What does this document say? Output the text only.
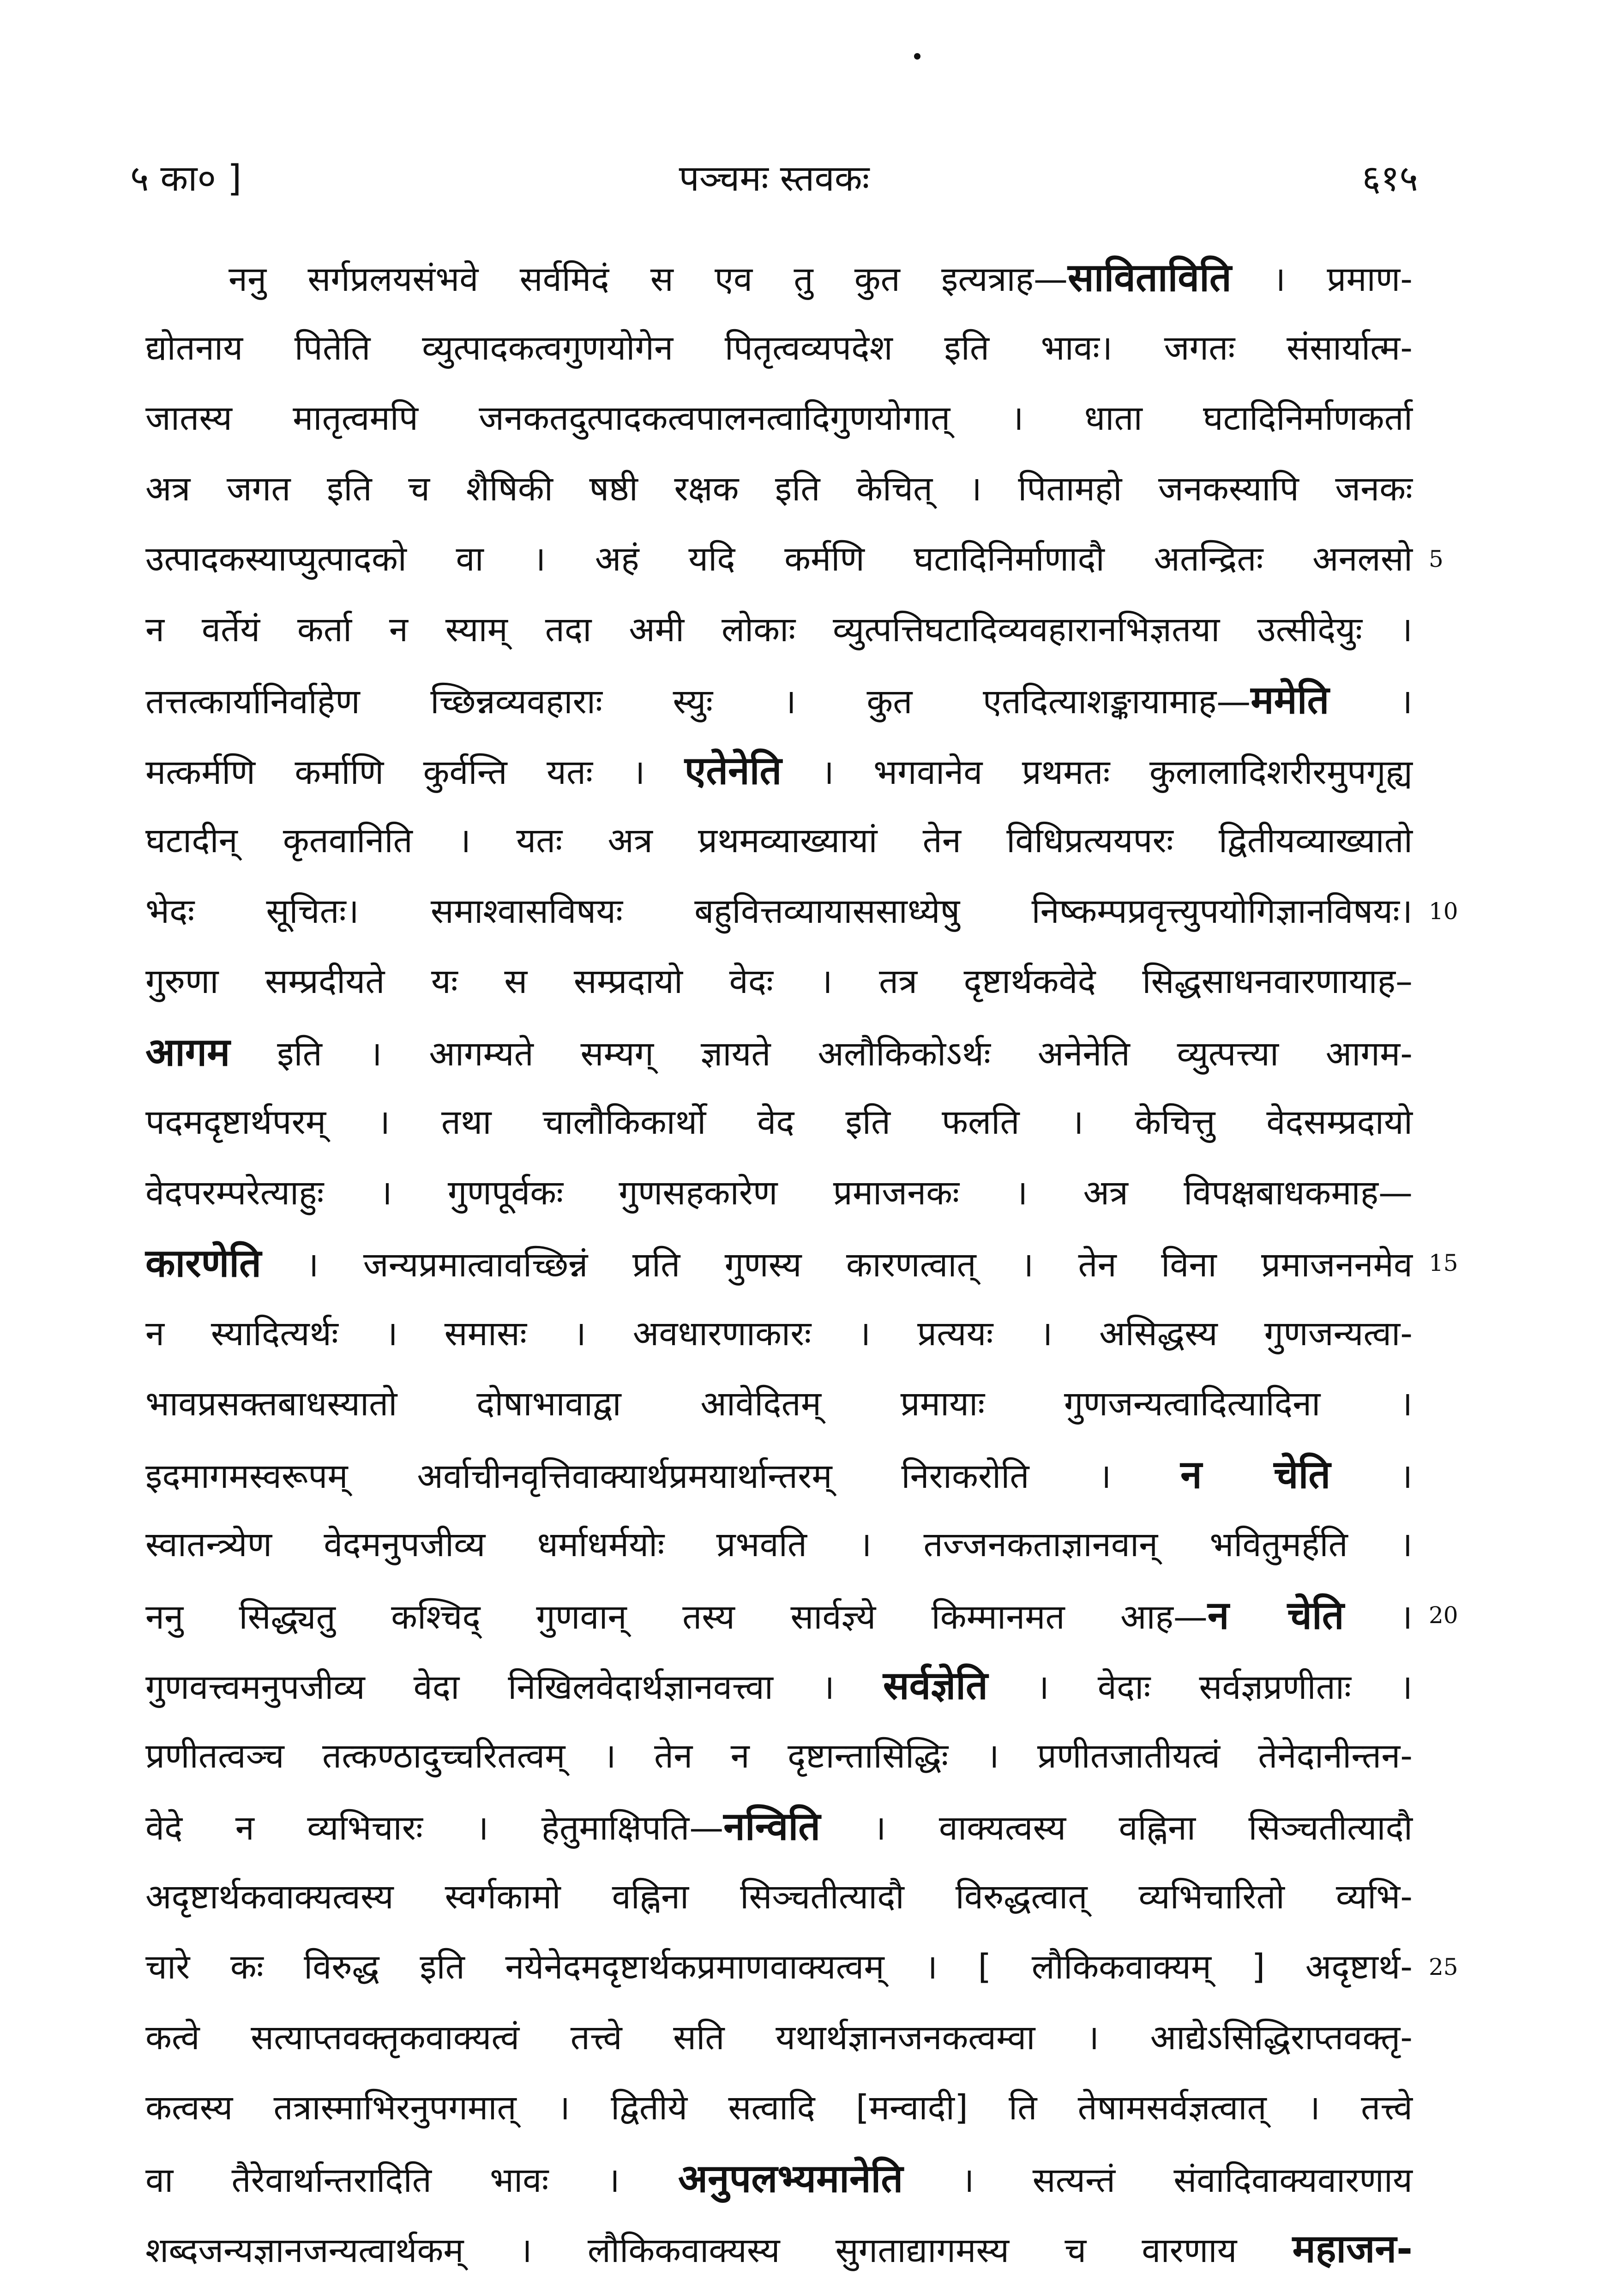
५ का० ]	पञ्चमः स्तवकः	६१५
ननु सर्गप्रलयसंभवे सर्वमिदं स एव तु कुत इत्यत्राह—साविताविति । प्रमाण-
द्योतनाय पितेति व्युत्पादकत्वगुणयोगेन पितृत्वव्यपदेश इति भावः। जगतः संसार्यात्म-
जातस्य मातृत्वमपि जनकतदुत्पादकत्वपालनत्वादिगुणयोगात् । धाता घटादिनिर्माणकर्ता
अत्र जगत इति च शैषिकी षष्ठी रक्षक इति केचित् । पितामहो जनकस्यापि जनकः
उत्पादकस्याप्युत्पादको वा । अहं यदि कर्मणि घटादिनिर्माणादौ अतन्द्रितः अनलसो 5
न वर्तेयं कर्ता न स्याम् तदा अमी लोकाः व्युत्पत्तिघटादिव्यवहारानभिज्ञतया उत्सीदेयुः ।
तत्तत्कार्यानिर्वाहेण च्छिन्नव्यवहाराः स्युः । कुत एतदित्याशङ्कायामाह—ममेति ।
मत्कर्मणि कर्माणि कुर्वन्ति यतः । एतेनेति । भगवानेव प्रथमतः कुलालादिशरीरमुपगृह्य
घटादीन् कृतवानिति । यतः अत्र प्रथमव्याख्यायां तेन विधिप्रत्ययपरः द्वितीयव्याख्यातो
भेदः सूचितः। समाश्वासविषयः बहुवित्तव्यायाससाध्येषु निष्कम्पप्रवृत्त्युपयोगिज्ञानविषयः। 10
गुरुणा सम्प्रदीयते यः स सम्प्रदायो वेदः । तत्र दृष्टार्थकवेदे सिद्धसाधनवारणायाह–
आगम इति । आगम्यते सम्यग् ज्ञायते अलौकिकोऽर्थः अनेनेति व्युत्पत्त्या आगम-
पदमदृष्टार्थपरम् । तथा चालौकिकार्थो वेद इति फलति । केचित्तु वेदसम्प्रदायो
वेदपरम्परेत्याहुः । गुणपूर्वकः गुणसहकारेण प्रमाजनकः । अत्र विपक्षबाधकमाह—
कारणेति । जन्यप्रमात्वावच्छिन्नं प्रति गुणस्य कारणत्वात् । तेन विना प्रमाजननमेव 15
न स्यादित्यर्थः । समासः । अवधारणाकारः । प्रत्ययः । असिद्धस्य गुणजन्यत्वा-
भावप्रसक्तबाधस्यातो दोषाभावाद्वा आवेदितम् प्रमायाः गुणजन्यत्वादित्यादिना ।
इदमागमस्वरूपम् अर्वाचीनवृत्तिवाक्यार्थप्रमयार्थान्तरम् निराकरोति । न चेति ।
स्वातन्त्र्येण वेदमनुपजीव्य धर्माधर्मयोः प्रभवति । तज्जनकताज्ञानवान् भवितुमर्हति ।
ननु सिद्ध्यतु कश्चिद् गुणवान् तस्य सार्वज्ञ्ये किम्मानमत आह—न चेति । 20
गुणवत्त्वमनुपजीव्य वेदा निखिलवेदार्थज्ञानवत्त्वा । सर्वज्ञेति । वेदाः सर्वज्ञप्रणीताः ।
प्रणीतत्वञ्च तत्कण्ठादुच्चरितत्वम् । तेन न दृष्टान्तासिद्धिः । प्रणीतजातीयत्वं तेनेदानीन्तन-
वेदे न व्यभिचारः । हेतुमाक्षिपति—नन्विति । वाक्यत्वस्य वह्निना सिञ्चतीत्यादौ
अदृष्टार्थकवाक्यत्वस्य स्वर्गकामो वह्निना सिञ्चतीत्यादौ विरुद्धत्वात् व्यभिचारितो व्यभि-
चारे कः विरुद्ध इति नयेनेदमदृष्टार्थकप्रमाणवाक्यत्वम् । [ लौकिकवाक्यम् ] अदृष्टार्थ- 25
कत्वे सत्याप्तवक्तृकवाक्यत्वं तत्त्वे सति यथार्थज्ञानजनकत्वम्वा । आद्येऽसिद्धिराप्तवक्तृ-
कत्वस्य तत्रास्माभिरनुपगमात् । द्वितीये सत्वादि [मन्वादी] ति तेषामसर्वज्ञत्वात् । तत्त्वे
वा तैरेवार्थान्तरादिति भावः । अनुपलभ्यमानेति । सत्यन्तं संवादिवाक्यवारणाय
शब्दजन्यज्ञानजन्यत्वार्थकम् । लौकिकवाक्यस्य सुगताद्यागमस्य च वारणाय महाजन-
